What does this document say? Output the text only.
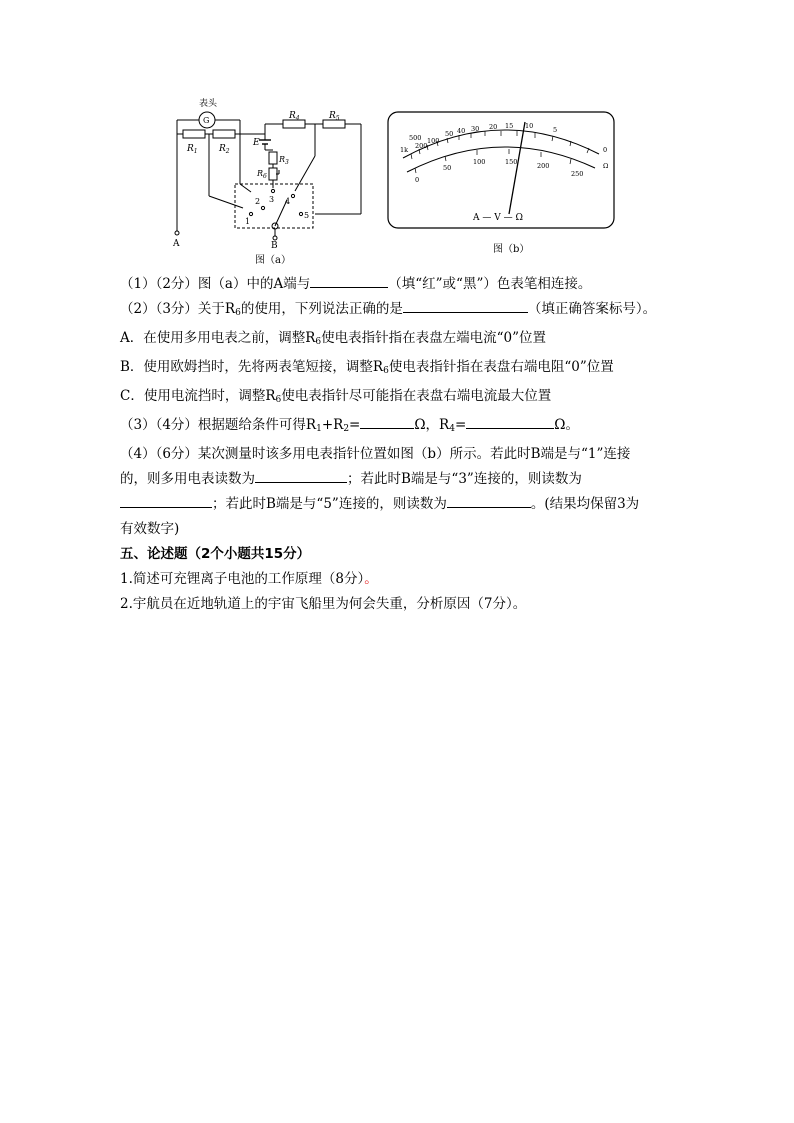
表头
G
$R_1$ $R_2$
$R_3$
$R_4$	$R_5$
$R_6$
E
A	B
1
2 3 4
5
图（a）
1k
500
200
100
50 40 30 20 15 10	5
0
Ω
0
50
100	150	200
250
A — V — Ω
图（b）
（1）（2分）图（a）中的A端与	（填“红”或“黑”）色表笔相连接。
（2）（3分）关于$R_6$的使用，下列说法正确的是	（填正确答案标号）。
A．在使用多用电表之前，调整$R_6$使电表指针指在表盘左端电流“0”位置
B．使用欧姆挡时，先将两表笔短接，调整$R_6$使电表指针指在表盘右端电阻“0”位置
C．使用电流挡时，调整$R_6$使电表指针尽可能指在表盘右端电流最大位置
（3）（4分）根据题给条件可得$R_1+R_2=$	Ω，$R_4=$	Ω。
（4）（6分）某次测量时该多用电表指针位置如图（b）所示。若此时B端是与“1”连接
的，则多用电表读数为	；若此时B端是与“3”连接的，则读数为
；若此时B端是与“5”连接的，则读数为	。(结果均保留3为
有效数字)
五、论述题（2个小题共15分）
1.简述可充锂离子电池的工作原理（8分）。
2.宇航员在近地轨道上的宇宙飞船里为何会失重，分析原因（7分）。
